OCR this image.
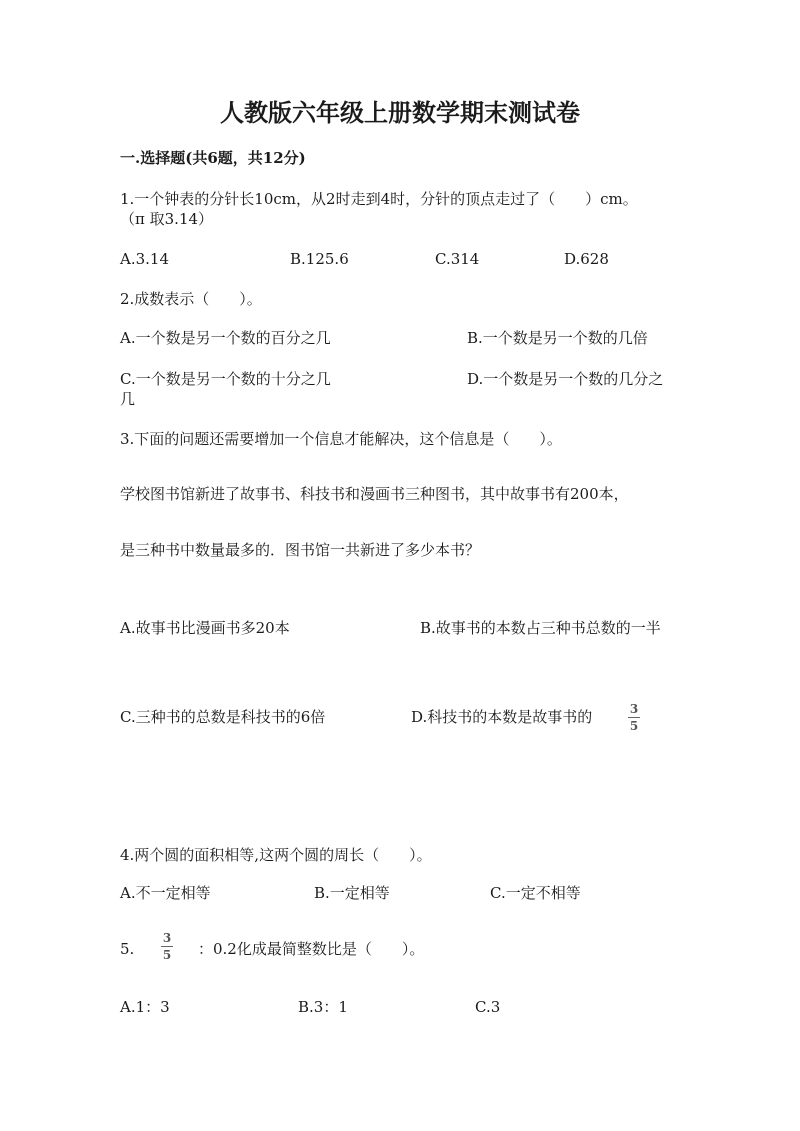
人教版六年级上册数学期末测试卷
一.选择题(共6题，共12分)
1.一个钟表的分针长10cm，从2时走到4时，分针的顶点走过了（　　）cm。
（π 取3.14）
A.3.14	B.125.6	C.314	D.628
2.成数表示（　　）。
A.一个数是另一个数的百分之几	B.一个数是另一个数的几倍
C.一个数是另一个数的十分之几	D.一个数是另一个数的几分之
几
3.下面的问题还需要增加一个信息才能解决，这个信息是（　　）。
学校图书馆新进了故事书、科技书和漫画书三种图书，其中故事书有200本，
是三种书中数量最多的．图书馆一共新进了多少本书？
A.故事书比漫画书多20本	B.故事书的本数占三种书总数的一半
C.三种书的总数是科技书的6倍	D.科技书的本数是故事书的	3
5
4.两个圆的面积相等,这两个圆的周长（　　）。
A.不一定相等	B.一定相等	C.一定不相等
5.
3
5 ：0.2化成最简整数比是（　　）。
A.1：3	B.3：1	C.3
